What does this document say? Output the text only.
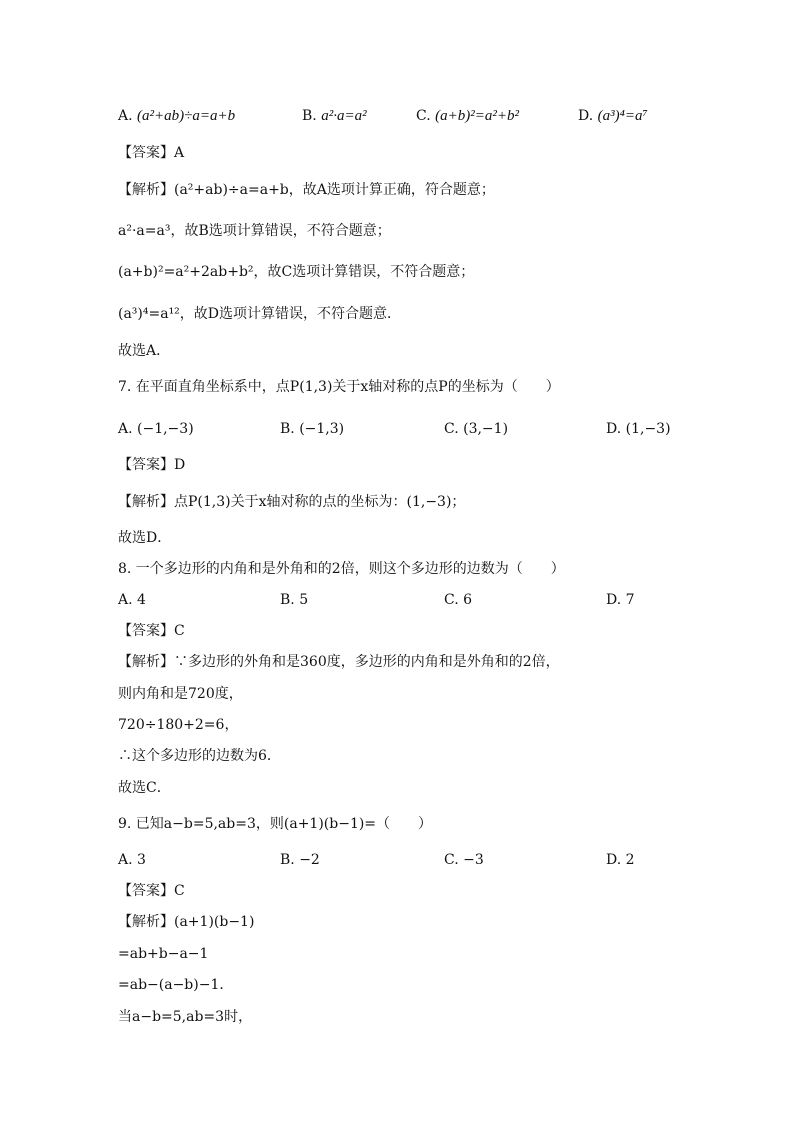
A. (a²+ab)÷a=a+b	B. a²·a=a²	C. (a+b)²=a²+b²	D. (a³)⁴=a⁷
【答案】A
【解析】(a²+ab)÷a=a+b，故A选项计算正确，符合题意；
a²·a=a³，故B选项计算错误，不符合题意；
(a+b)²=a²+2ab+b²，故C选项计算错误，不符合题意；
(a³)⁴=a¹²，故D选项计算错误，不符合题意．
故选A．
7. 在平面直角坐标系中，点P(1,3)关于x轴对称的点P的坐标为（　　）
A. (−1,−3)	B. (−1,3)	C. (3,−1)	D. (1,−3)
【答案】D
【解析】点P(1,3)关于x轴对称的点的坐标为：(1,−3)；
故选D．
8. 一个多边形的内角和是外角和的2倍，则这个多边形的边数为（　　）
A. 4	B. 5	C. 6	D. 7
【答案】C
【解析】∵多边形的外角和是360度，多边形的内角和是外角和的2倍，
则内角和是720度，
720÷180+2=6，
∴这个多边形的边数为6．
故选C．
9. 已知a−b=5,ab=3，则(a+1)(b−1)=（　　）
A. 3	B. −2	C. −3	D. 2
【答案】C
【解析】(a+1)(b−1)
=ab+b−a−1
=ab−(a−b)−1．
当a−b=5,ab=3时，
